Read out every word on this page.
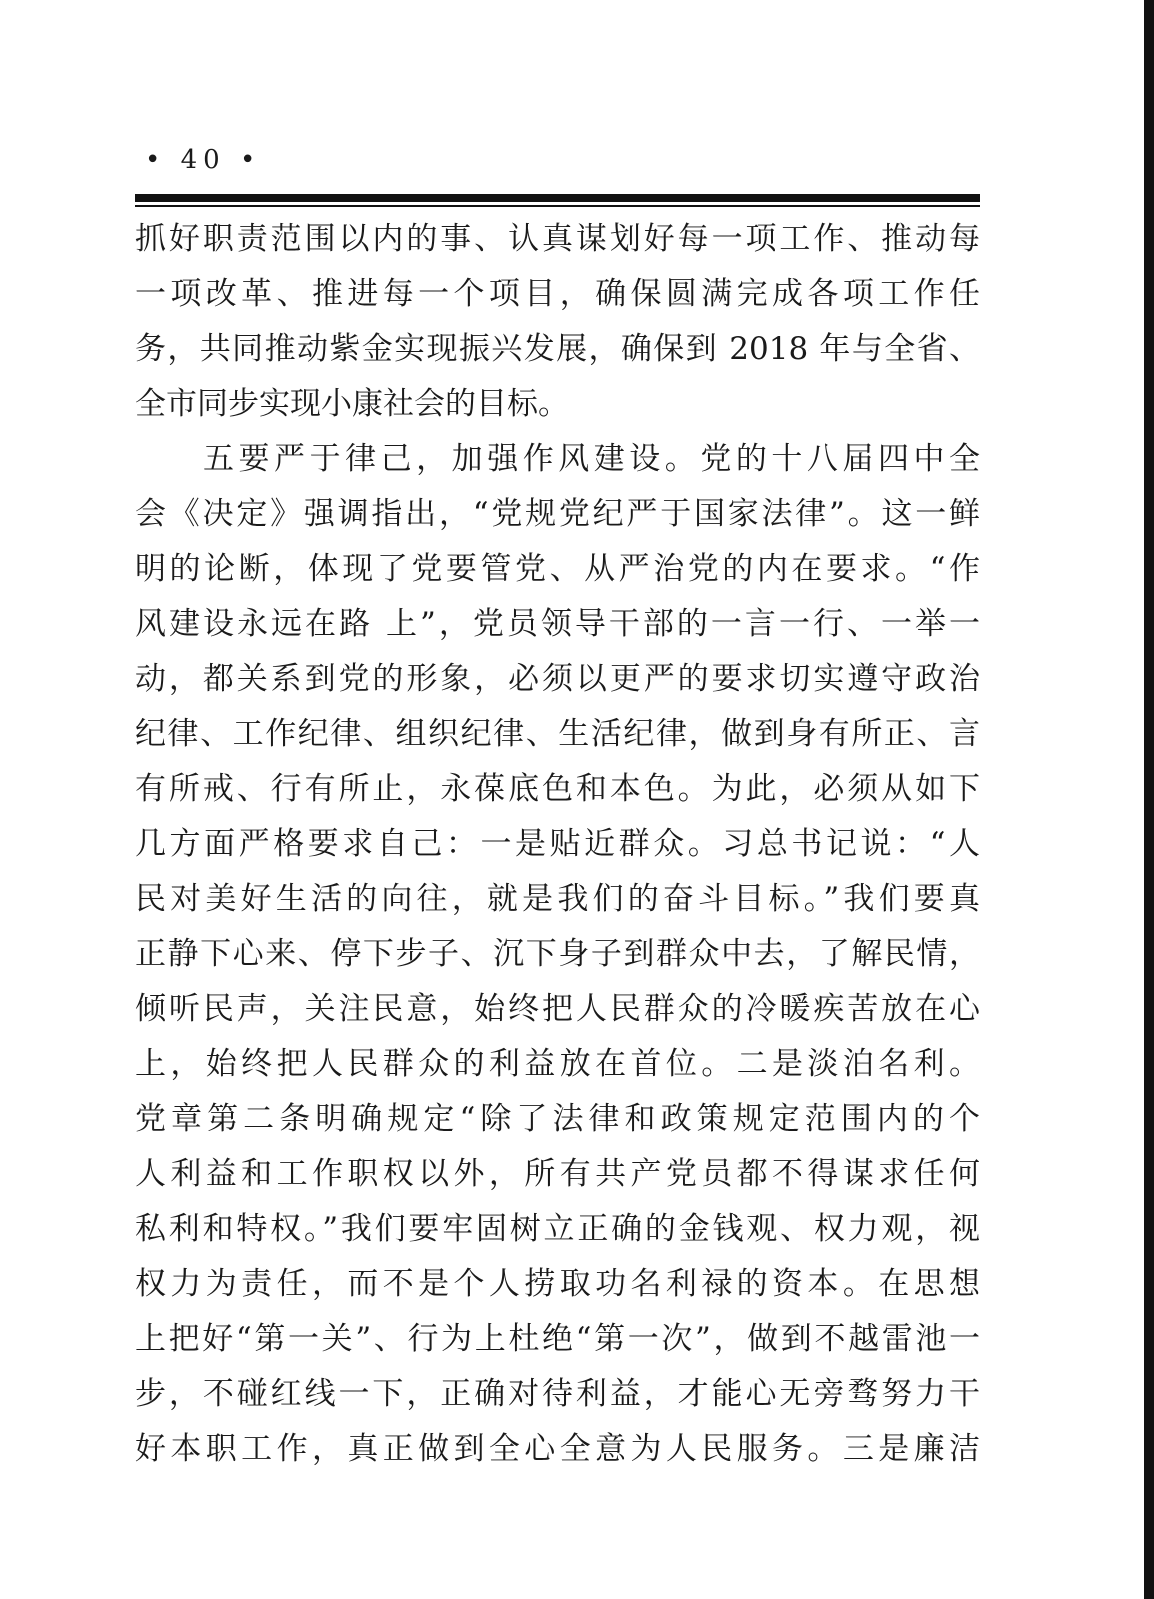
• 40 •
抓好职责范围以内的事、认真谋划好每一项工作、推动每
一项改革、推进每一个项目，确保圆满完成各项工作任
务，共同推动紫金实现振兴发展，确保到 2018 年与全省、
全市同步实现小康社会的目标。
五要严于律己，加强作风建设。党的十八届四中全
会《决定》强调指出，“党规党纪严于国家法律”。这一鲜
明的论断，体现了党要管党、从严治党的内在要求。“作
风建设永远在路 上”，党员领导干部的一言一行、一举一
动，都关系到党的形象，必须以更严的要求切实遵守政治
纪律、工作纪律、组织纪律、生活纪律，做到身有所正、言
有所戒、行有所止，永葆底色和本色。为此，必须从如下
几方面严格要求自己：一是贴近群众。习总书记说：“人
民对美好生活的向往，就是我们的奋斗目标。”我们要真
正静下心来、停下步子、沉下身子到群众中去，了解民情，
倾听民声，关注民意，始终把人民群众的冷暖疾苦放在心
上，始终把人民群众的利益放在首位。二是淡泊名利。
党章第二条明确规定“除了法律和政策规定范围内的个
人利益和工作职权以外，所有共产党员都不得谋求任何
私利和特权。”我们要牢固树立正确的金钱观、权力观，视
权力为责任，而不是个人捞取功名利禄的资本。在思想
上把好“第一关”、行为上杜绝“第一次”，做到不越雷池一
步，不碰红线一下，正确对待利益，才能心无旁骛努力干
好本职工作，真正做到全心全意为人民服务。三是廉洁
